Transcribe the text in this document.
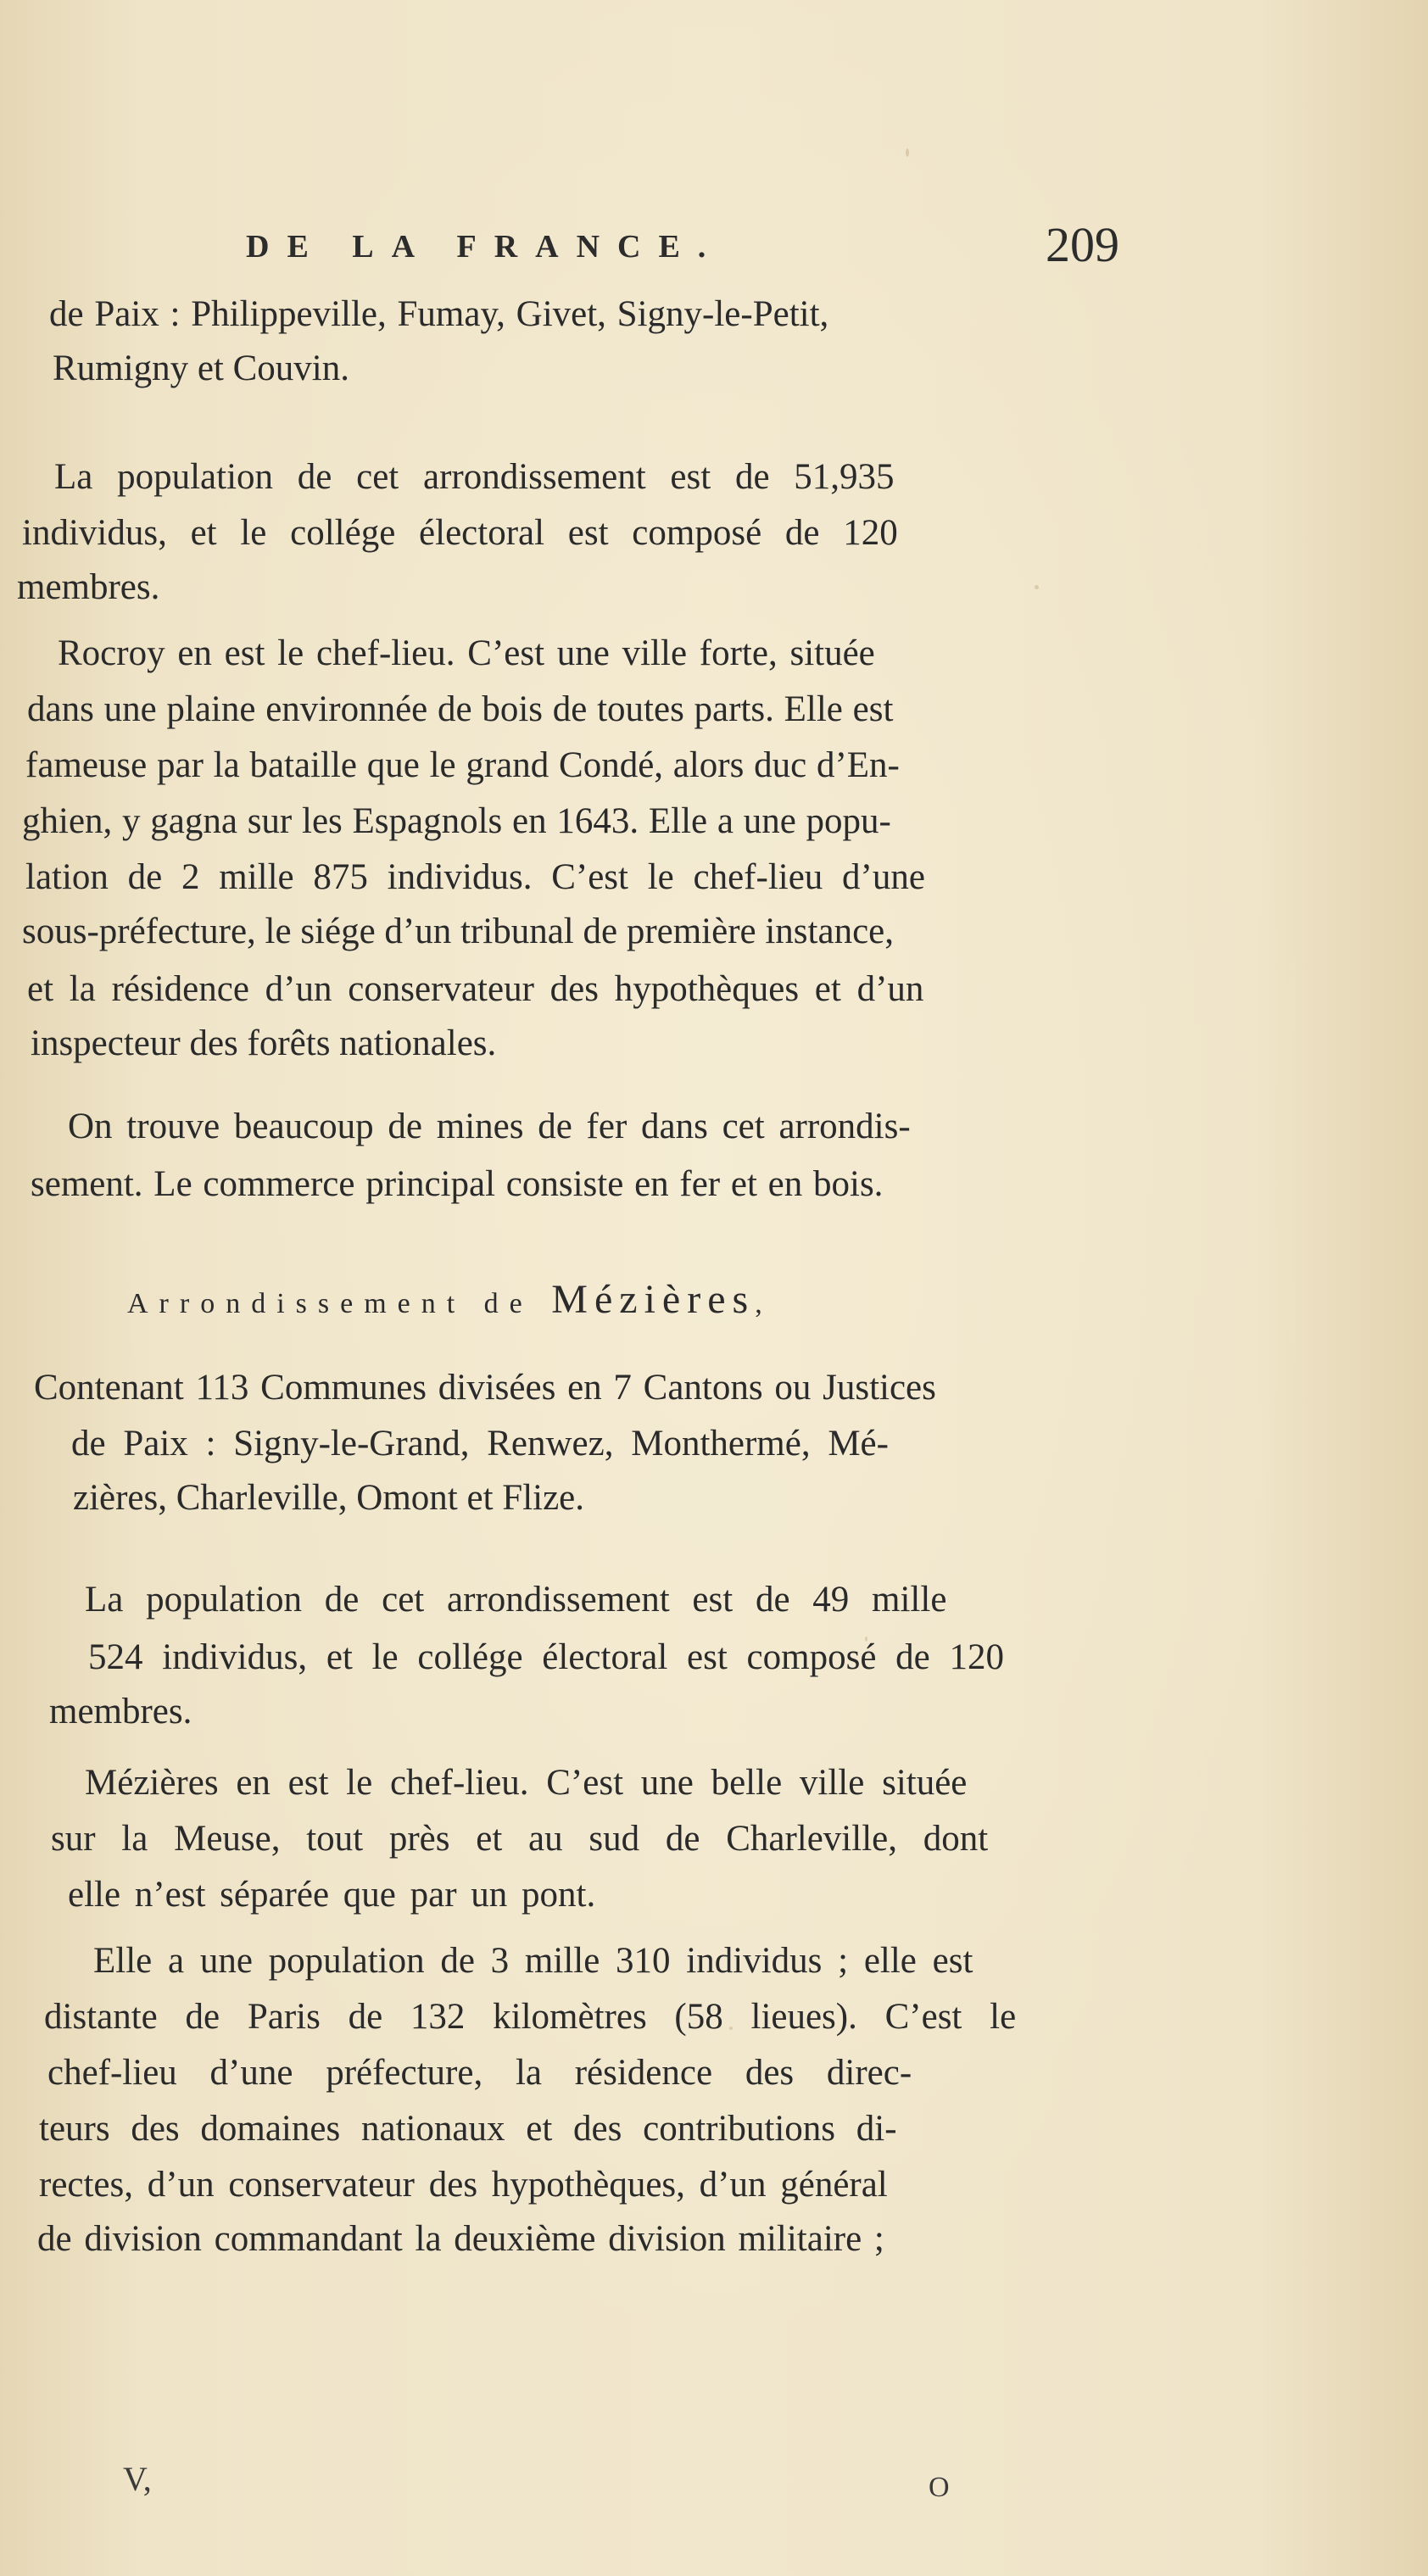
DE LA FRANCE.	209
de Paix : Philippeville, Fumay, Givet, Signy-le-Petit,
Rumigny et Couvin.
La population de cet arrondissement est de 51,935
individus, et le collége électoral est composé de 120
membres.
Rocroy en est le chef-lieu. C’est une ville forte, située
dans une plaine environnée de bois de toutes parts. Elle est
fameuse par la bataille que le grand Condé, alors duc d’En-
ghien, y gagna sur les Espagnols en 1643. Elle a une popu-
lation de 2 mille 875 individus. C’est le chef-lieu d’une
sous-préfecture, le siége d’un tribunal de première instance,
et la résidence d’un conservateur des hypothèques et d’un
inspecteur des forêts nationales.
On trouve beaucoup de mines de fer dans cet arrondis-
sement. Le commerce principal consiste en fer et en bois.
Arrondissement de Mézières,
Contenant 113 Communes divisées en 7 Cantons ou Justices
de Paix : Signy-le-Grand, Renwez, Monthermé, Mé-
zières, Charleville, Omont et Flize.
La population de cet arrondissement est de 49 mille
524 individus, et le collége électoral est composé de 120
membres.
Mézières en est le chef-lieu. C’est une belle ville située
sur la Meuse, tout près et au sud de Charleville, dont
elle n’est séparée que par un pont.
Elle a une population de 3 mille 310 individus ; elle est
distante de Paris de 132 kilomètres (58 lieues). C’est le
chef-lieu d’une préfecture, la résidence des direc-
teurs des domaines nationaux et des contributions di-
rectes, d’un conservateur des hypothèques, d’un général
de division commandant la deuxième division militaire ;
V,	O
